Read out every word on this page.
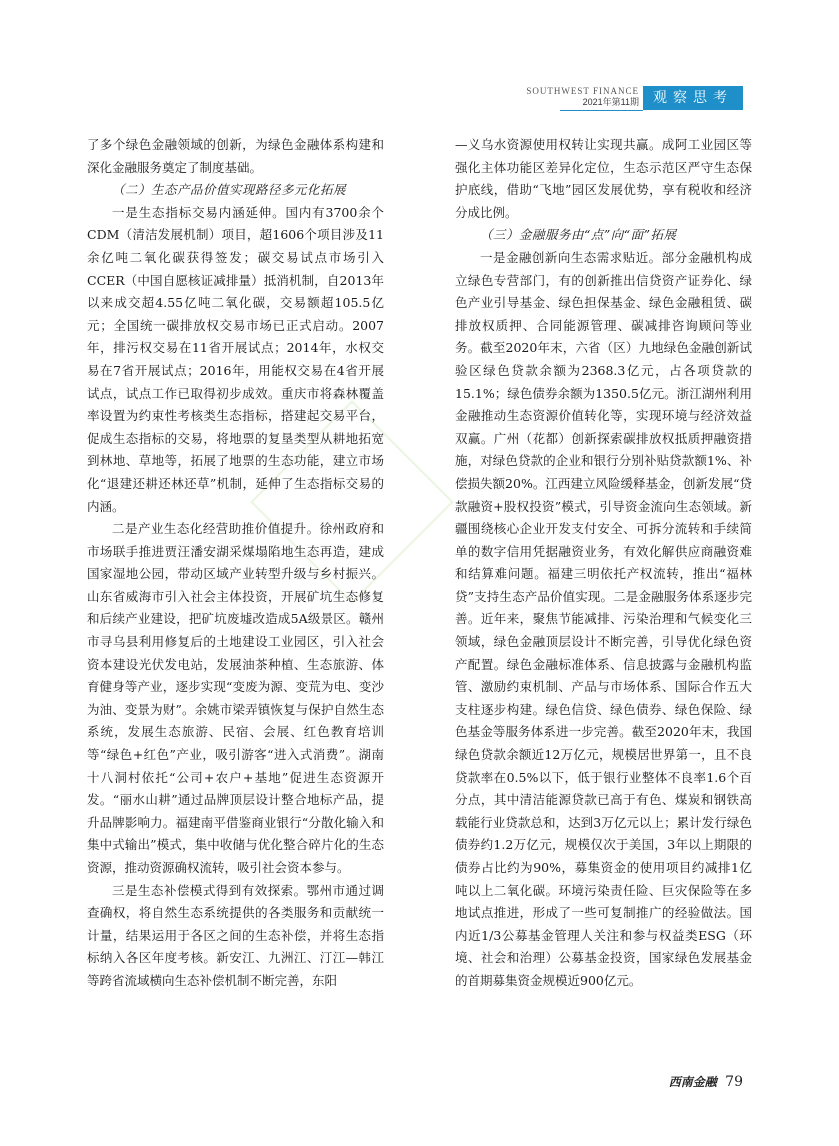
SOUTHWEST FINANCE
2021年第11期	观察思考

了多个绿色金融领域的创新，为绿色金融体系构建和深化金融服务奠定了制度基础。

（二）生态产品价值实现路径多元化拓展

一是生态指标交易内涵延伸。国内有3700余个CDM（清洁发展机制）项目，超1606个项目涉及11余亿吨二氧化碳获得签发；碳交易试点市场引入CCER（中国自愿核证减排量）抵消机制，自2013年以来成交超4.55亿吨二氧化碳，交易额超105.5亿元；全国统一碳排放权交易市场已正式启动。2007年，排污权交易在11省开展试点；2014年，水权交易在7省开展试点；2016年，用能权交易在4省开展试点，试点工作已取得初步成效。重庆市将森林覆盖率设置为约束性考核类生态指标，搭建起交易平台，促成生态指标的交易，将地票的复垦类型从耕地拓宽到林地、草地等，拓展了地票的生态功能，建立市场化“退建还耕还林还草”机制，延伸了生态指标交易的内涵。

二是产业生态化经营助推价值提升。徐州政府和市场联手推进贾汪潘安湖采煤塌陷地生态再造，建成国家湿地公园，带动区域产业转型升级与乡村振兴。山东省威海市引入社会主体投资，开展矿坑生态修复和后续产业建设，把矿坑废墟改造成5A级景区。赣州市寻乌县利用修复后的土地建设工业园区，引入社会资本建设光伏发电站，发展油茶种植、生态旅游、体育健身等产业，逐步实现“变废为源、变荒为电、变沙为油、变景为财”。余姚市梁弄镇恢复与保护自然生态系统，发展生态旅游、民宿、会展、红色教育培训等“绿色+红色”产业，吸引游客“进入式消费”。湖南十八洞村依托“公司+农户+基地”促进生态资源开发。“丽水山耕”通过品牌顶层设计整合地标产品，提升品牌影响力。福建南平借鉴商业银行“分散化输入和集中式输出”模式，集中收储与优化整合碎片化的生态资源，推动资源确权流转，吸引社会资本参与。

三是生态补偿模式得到有效探索。鄂州市通过调查确权，将自然生态系统提供的各类服务和贡献统一计量，结果运用于各区之间的生态补偿，并将生态指标纳入各区年度考核。新安江、九洲江、汀江—韩江等跨省流域横向生态补偿机制不断完善，东阳

—义乌水资源使用权转让实现共赢。成阿工业园区等强化主体功能区差异化定位，生态示范区严守生态保护底线，借助“飞地”园区发展优势，享有税收和经济分成比例。

（三）金融服务由“点”向“面”拓展

一是金融创新向生态需求贴近。部分金融机构成立绿色专营部门，有的创新推出信贷资产证券化、绿色产业引导基金、绿色担保基金、绿色金融租赁、碳排放权质押、合同能源管理、碳减排咨询顾问等业务。截至2020年末，六省（区）九地绿色金融创新试验区绿色贷款余额为2368.3亿元，占各项贷款的15.1%；绿色债券余额为1350.5亿元。浙江湖州利用金融推动生态资源价值转化等，实现环境与经济效益双赢。广州（花都）创新探索碳排放权抵质押融资措施，对绿色贷款的企业和银行分别补贴贷款额1%、补偿损失额20%。江西建立风险缓释基金，创新发展“贷款融资+股权投资”模式，引导资金流向生态领域。新疆围绕核心企业开发支付安全、可拆分流转和手续简单的数字信用凭据融资业务，有效化解供应商融资难和结算难问题。福建三明依托产权流转，推出“福林贷”支持生态产品价值实现。二是金融服务体系逐步完善。近年来，聚焦节能减排、污染治理和气候变化三领域，绿色金融顶层设计不断完善，引导优化绿色资产配置。绿色金融标准体系、信息披露与金融机构监管、激励约束机制、产品与市场体系、国际合作五大支柱逐步构建。绿色信贷、绿色债券、绿色保险、绿色基金等服务体系进一步完善。截至2020年末，我国绿色贷款余额近12万亿元，规模居世界第一，且不良贷款率在0.5%以下，低于银行业整体不良率1.6个百分点，其中清洁能源贷款已高于有色、煤炭和钢铁高载能行业贷款总和，达到3万亿元以上；累计发行绿色债券约1.2万亿元，规模仅次于美国，3年以上期限的债券占比约为90%，募集资金的使用项目约减排1亿吨以上二氧化碳。环境污染责任险、巨灾保险等在多地试点推进，形成了一些可复制推广的经验做法。国内近1/3公募基金管理人关注和参与权益类ESG（环境、社会和治理）公募基金投资，国家绿色发展基金的首期募集资金规模近900亿元。

西南金融 79
